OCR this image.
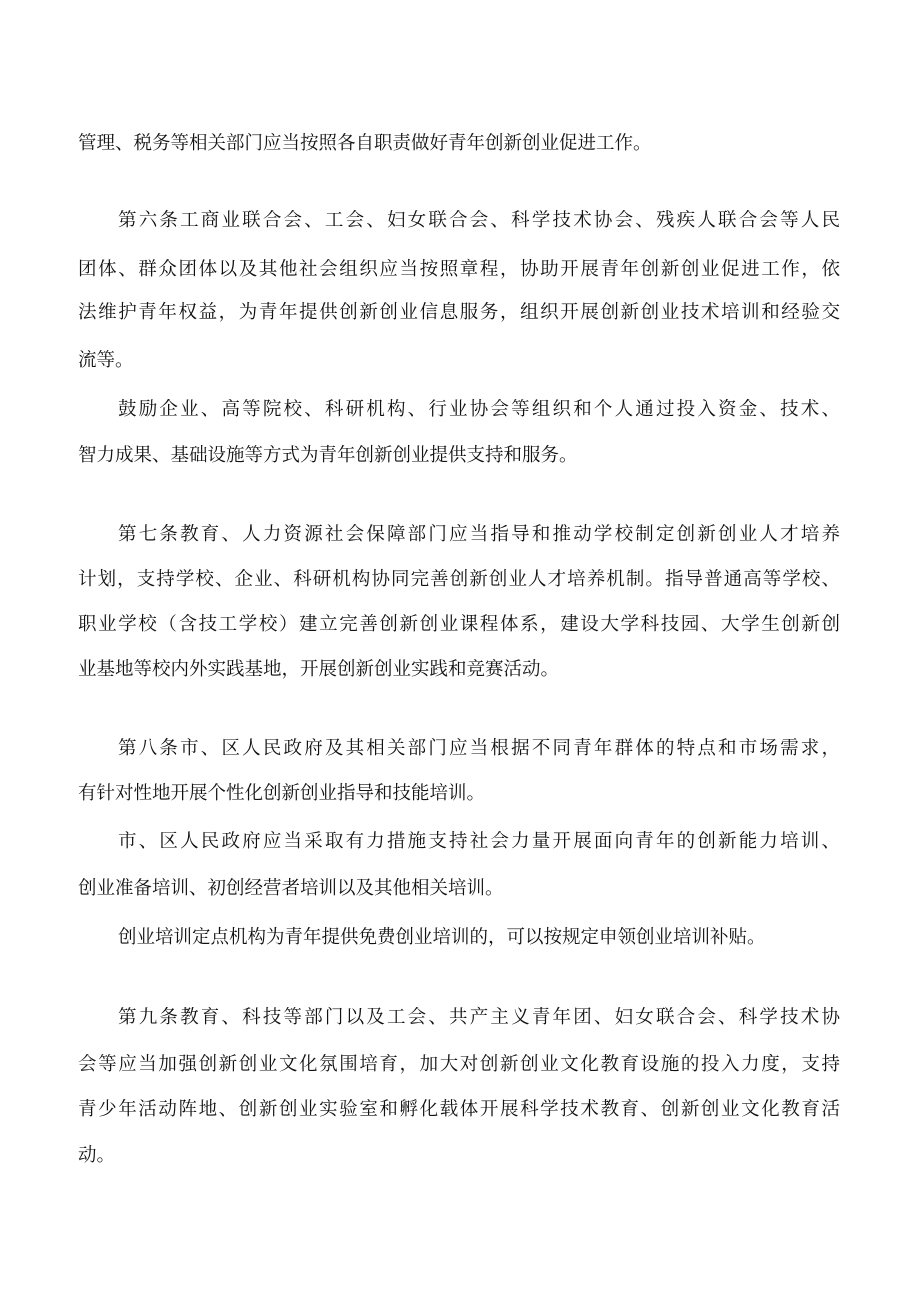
管理、税务等相关部门应当按照各自职责做好青年创新创业促进工作。
第六条工商业联合会、工会、妇女联合会、科学技术协会、残疾人联合会等人民
团体、群众团体以及其他社会组织应当按照章程，协助开展青年创新创业促进工作，依
法维护青年权益，为青年提供创新创业信息服务，组织开展创新创业技术培训和经验交
流等。
鼓励企业、高等院校、科研机构、行业协会等组织和个人通过投入资金、技术、
智力成果、基础设施等方式为青年创新创业提供支持和服务。
第七条教育、人力资源社会保障部门应当指导和推动学校制定创新创业人才培养
计划，支持学校、企业、科研机构协同完善创新创业人才培养机制。指导普通高等学校、
职业学校（含技工学校）建立完善创新创业课程体系，建设大学科技园、大学生创新创
业基地等校内外实践基地，开展创新创业实践和竞赛活动。
第八条市、区人民政府及其相关部门应当根据不同青年群体的特点和市场需求，
有针对性地开展个性化创新创业指导和技能培训。
市、区人民政府应当采取有力措施支持社会力量开展面向青年的创新能力培训、
创业准备培训、初创经营者培训以及其他相关培训。
创业培训定点机构为青年提供免费创业培训的，可以按规定申领创业培训补贴。
第九条教育、科技等部门以及工会、共产主义青年团、妇女联合会、科学技术协
会等应当加强创新创业文化氛围培育，加大对创新创业文化教育设施的投入力度，支持
青少年活动阵地、创新创业实验室和孵化载体开展科学技术教育、创新创业文化教育活
动。
